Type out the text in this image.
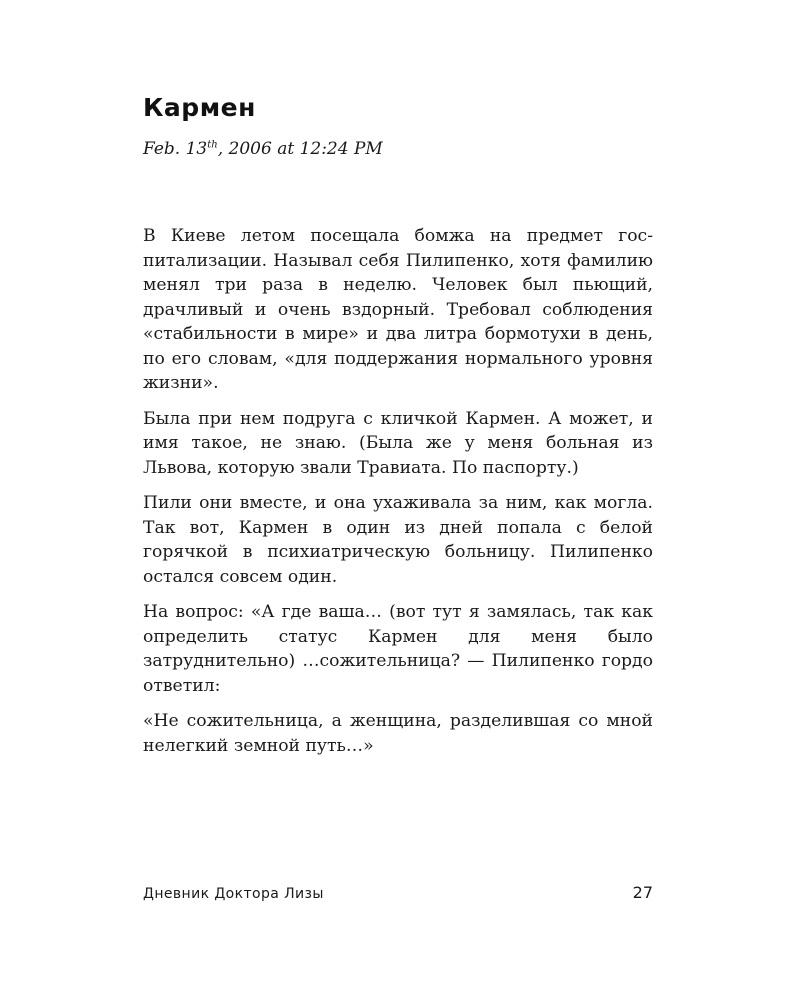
Кармен
Feb. 13th, 2006 at 12:24 PM

В Киеве летом посещала бомжа на предмет госпитализации. Называл себя Пилипенко, хотя фамилию менял три раза в неделю. Человек был пьющий, драчливый и очень вздорный. Требовал соблюдения «стабильности в мире» и два литра бормотухи в день, по его словам, «для поддержания нормального уровня жизни».

Была при нем подруга с кличкой Кармен. А может, и имя такое, не знаю. (Была же у меня больная из Львова, которую звали Травиата. По паспорту.)

Пили они вместе, и она ухаживала за ним, как могла. Так вот, Кармен в один из дней попала с белой горячкой в психиатрическую больницу. Пилипенко остался совсем один.

На вопрос: «А где ваша… (вот тут я замялась, так как определить статус Кармен для меня было затруднительно) …сожительница? — Пилипенко гордо ответил:

«Не сожительница, а женщина, разделившая со мной нелегкий земной путь…»

Дневник Доктора Лизы	27
